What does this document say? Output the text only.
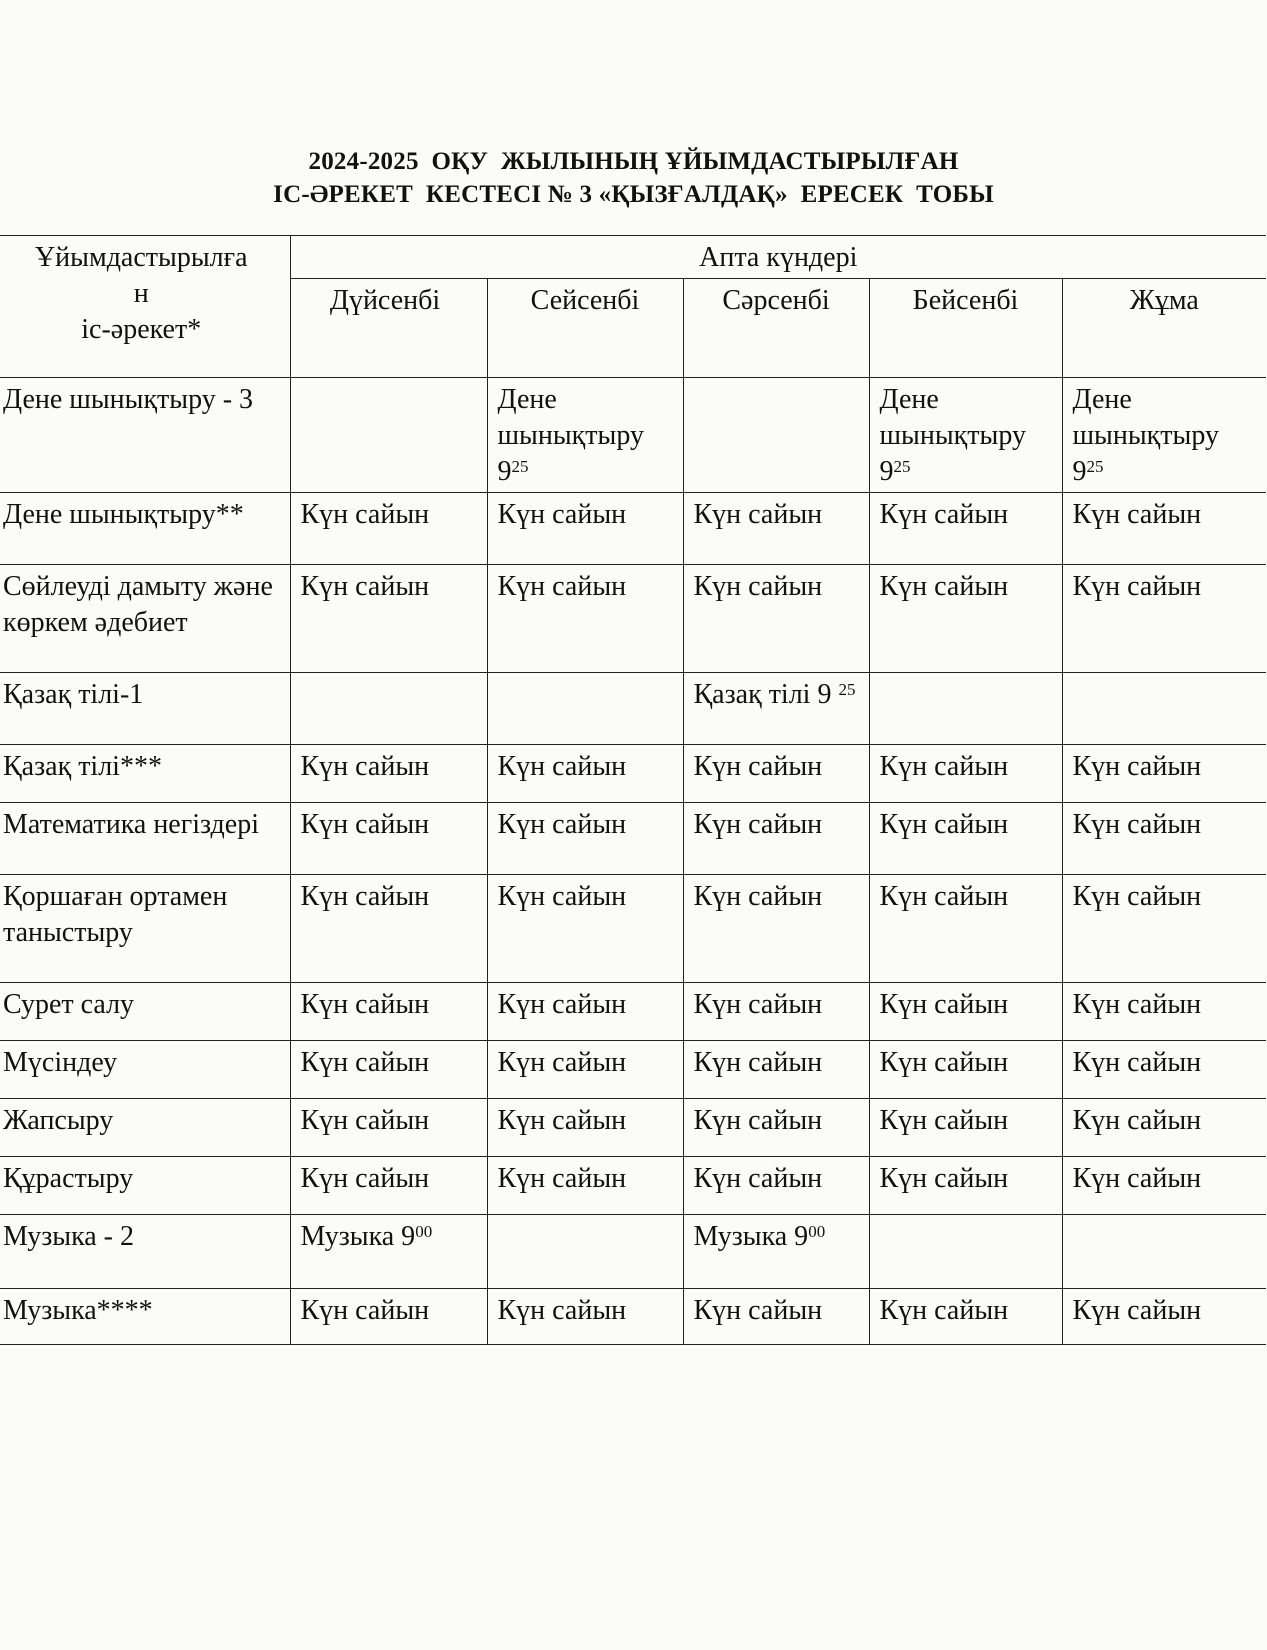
2024-2025  ОҚУ  ЖЫЛЫНЫҢ ҰЙЫМДАСТЫРЫЛҒАН
ІС-ӘРЕКЕТ  КЕСТЕСІ № 3 «ҚЫЗҒАЛДАҚ»  ЕРЕСЕК  ТОБЫ
Ұйымдастырылға
н
іс-әрекет*	Апта күндері				
	Дүйсенбі	Сейсенбі	Сәрсенбі	Бейсенбі	Жұма
Дене шынықтыру - 3		Дене шынықтыру $9^{25}$		Дене шынықтыру $9^{25}$	Дене шынықтыру $9^{25}$
Дене шынықтыру**	Күн сайын	Күн сайын	Күн сайын	Күн сайын	Күн сайын
Сөйлеуді дамыту және көркем әдебиет	Күн сайын	Күн сайын	Күн сайын	Күн сайын	Күн сайын
Қазақ тілі-1			Қазақ тілі 9 $^{25}$		
Қазақ тілі***	Күн сайын	Күн сайын	Күн сайын	Күн сайын	Күн сайын
Математика негіздері	Күн сайын	Күн сайын	Күн сайын	Күн сайын	Күн сайын
Қоршаған ортамен таныстыру	Күн сайын	Күн сайын	Күн сайын	Күн сайын	Күн сайын
Сурет салу	Күн сайын	Күн сайын	Күн сайын	Күн сайын	Күн сайын
Мүсіндеу	Күн сайын	Күн сайын	Күн сайын	Күн сайын	Күн сайын
Жапсыру	Күн сайын	Күн сайын	Күн сайын	Күн сайын	Күн сайын
Құрастыру	Күн сайын	Күн сайын	Күн сайын	Күн сайын	Күн сайын
Музыка - 2	Музыка $9^{00}$		Музыка $9^{00}$		
Музыка****	Күн сайын	Күн сайын	Күн сайын	Күн сайын	Күн сайын
